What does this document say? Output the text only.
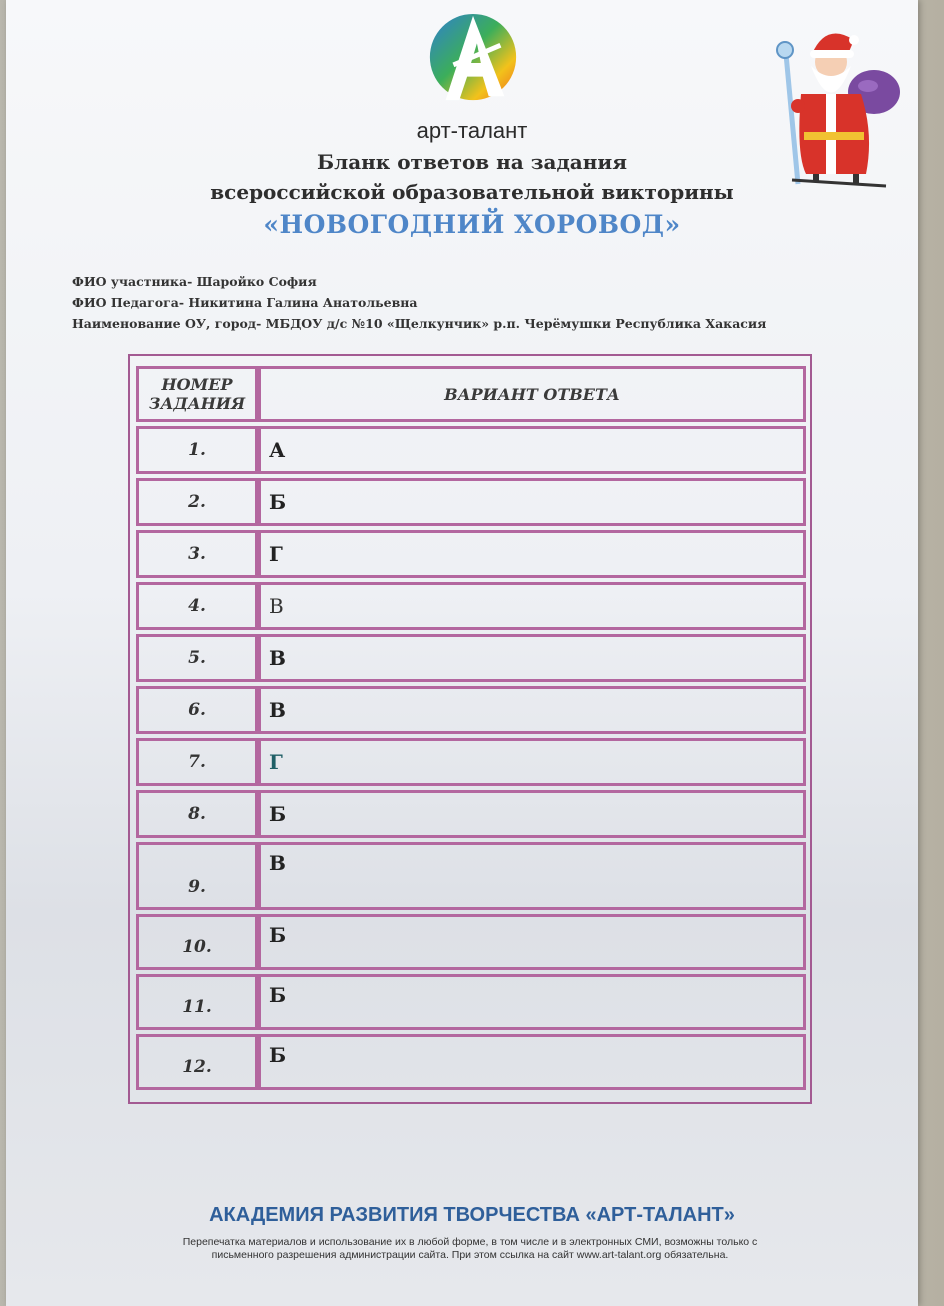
арт-талант
Бланк ответов на задания
всероссийской образовательной викторины
«НОВОГОДНИЙ ХОРОВОД»
ФИО участника- Шаройко София
ФИО Педагога- Никитина Галина Анатольевна
Наименование ОУ, город- МБДОУ д/с №10 «Щелкунчик» р.п. Черёмушки Республика Хакасия
НОМЕР
ЗАДАНИЯ	ВАРИАНТ ОТВЕТА
1.	А
2.	Б
3.	Г
4.	В
5.	В
6.	В
7.	Г
8.	Б
9.	В
10.	Б
11.	Б
12.	Б
АКАДЕМИЯ РАЗВИТИЯ ТВОРЧЕСТВА «АРТ-ТАЛАНТ»
Перепечатка материалов и использование их в любой форме, в том числе и в электронных СМИ, возможны только с
письменного разрешения администрации сайта. При этом ссылка на сайт www.art-talant.org обязательна.
